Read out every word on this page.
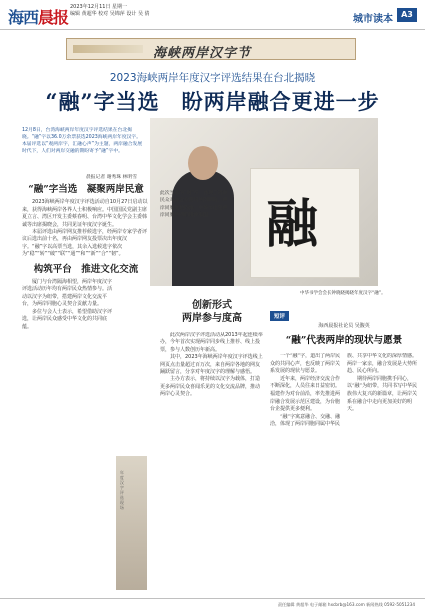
海西晨报
2023年12月11日 星期一
编辑 黄超华 校对 吴锦萍 设计 吴 倩	城市读本	A3
海峡两岸汉字节
2023海峡两岸年度汉字评选结果在台北揭晓
“融”字当选　盼两岸融合更进一步
12月8日，台湾海峡两岸年度汉字评选结果在台北揭晓。“融”字以36.0万余票获选2023海峡两岸年度汉字。本届评选以“观两岸字，汇融心声”为主题，两岸融合发展时代下，人们对两岸交融的期盼寄予“融”字中。
晨报记者 谢秀珠 林明雪
融
中华书学会会长钟晓晓揭晓年度汉字“融”。
“融”字当选　凝聚两岸民意

2023海峡两岸年度汉字评选活动自10月27日启动以来，获得海峡两岸各界人士积极响应。中国国民党副主席夏立言、湾区开发主委蔡春明、台湾中华文化学会主委韩诚等出席揭晓会，共同见证年度汉字诞生。

本届评选由两岸网友推荐候选字，经两岸专家学者评议后选出前十名，再由两岸网友投票决出年度汉字。“融”字以高票当选，其余入选候选字依次为“稳”“转”“破”“联”“通”“和”“新”“合”“韧”。

构筑平台　推进文化交流

厦门与台湾隔海相望，两岸年度汉字评选活动历年均有两岸民众热情参与。活动以汉字为纽带，搭建两岸文化交流平台，为两岸同胞心灵契合贡献力量。

多位与会人士表示，希望借助汉字评选，让两岸民众感受中华文化的共同底蕴。

年度汉字评选现场
此次当选的“融”字，体现了两岸民众对融合发展的共同期盼。两岸同胞同根同源，中华文化是两岸同胞共同的精神家园。
创新形式
两岸参与度高

此次两岸汉字评选活动从2013年起连续举办，今年首次实现两岸同步线上推荐、线上投票，参与人数创历年新高。

其中，2023年海峡两岸年度汉字评选线上网页点击量超过百万次，来自两岸各地的网友踊跃留言，分享对年度汉字的理解与感悟。

主办方表示，将持续以汉字为载体，打造更多两岸民众喜闻乐见的文化交流品牌，推动两岸心灵契合。

短评
海西晨报社论员 吴馥英
“融”代表两岸的现状与愿景

一个“融”字，道出了两岸民众的共同心声，也反映了两岸关系发展的现状与愿景。

近年来，两岸经济交流合作不断深化，人员往来日益密切。福建作为对台前沿，率先推进两岸融合发展示范区建设，为台胞台企提供更多便利。

“融”字寓意融合、交融、融洽，体现了两岸同胞同属中华民族、共享中华文化的深厚情感。两岸一家亲，融合发展是大势所趋、民心所向。

期待两岸同胞携手同心，以“融”为纽带，共同书写中华民族伟大复兴的新篇章，让两岸关系在融合中走向更加美好的明天。

责任编辑 黄超华 电子邮箱 hxcbrb@163.com 新闻热线 0592-5051234
